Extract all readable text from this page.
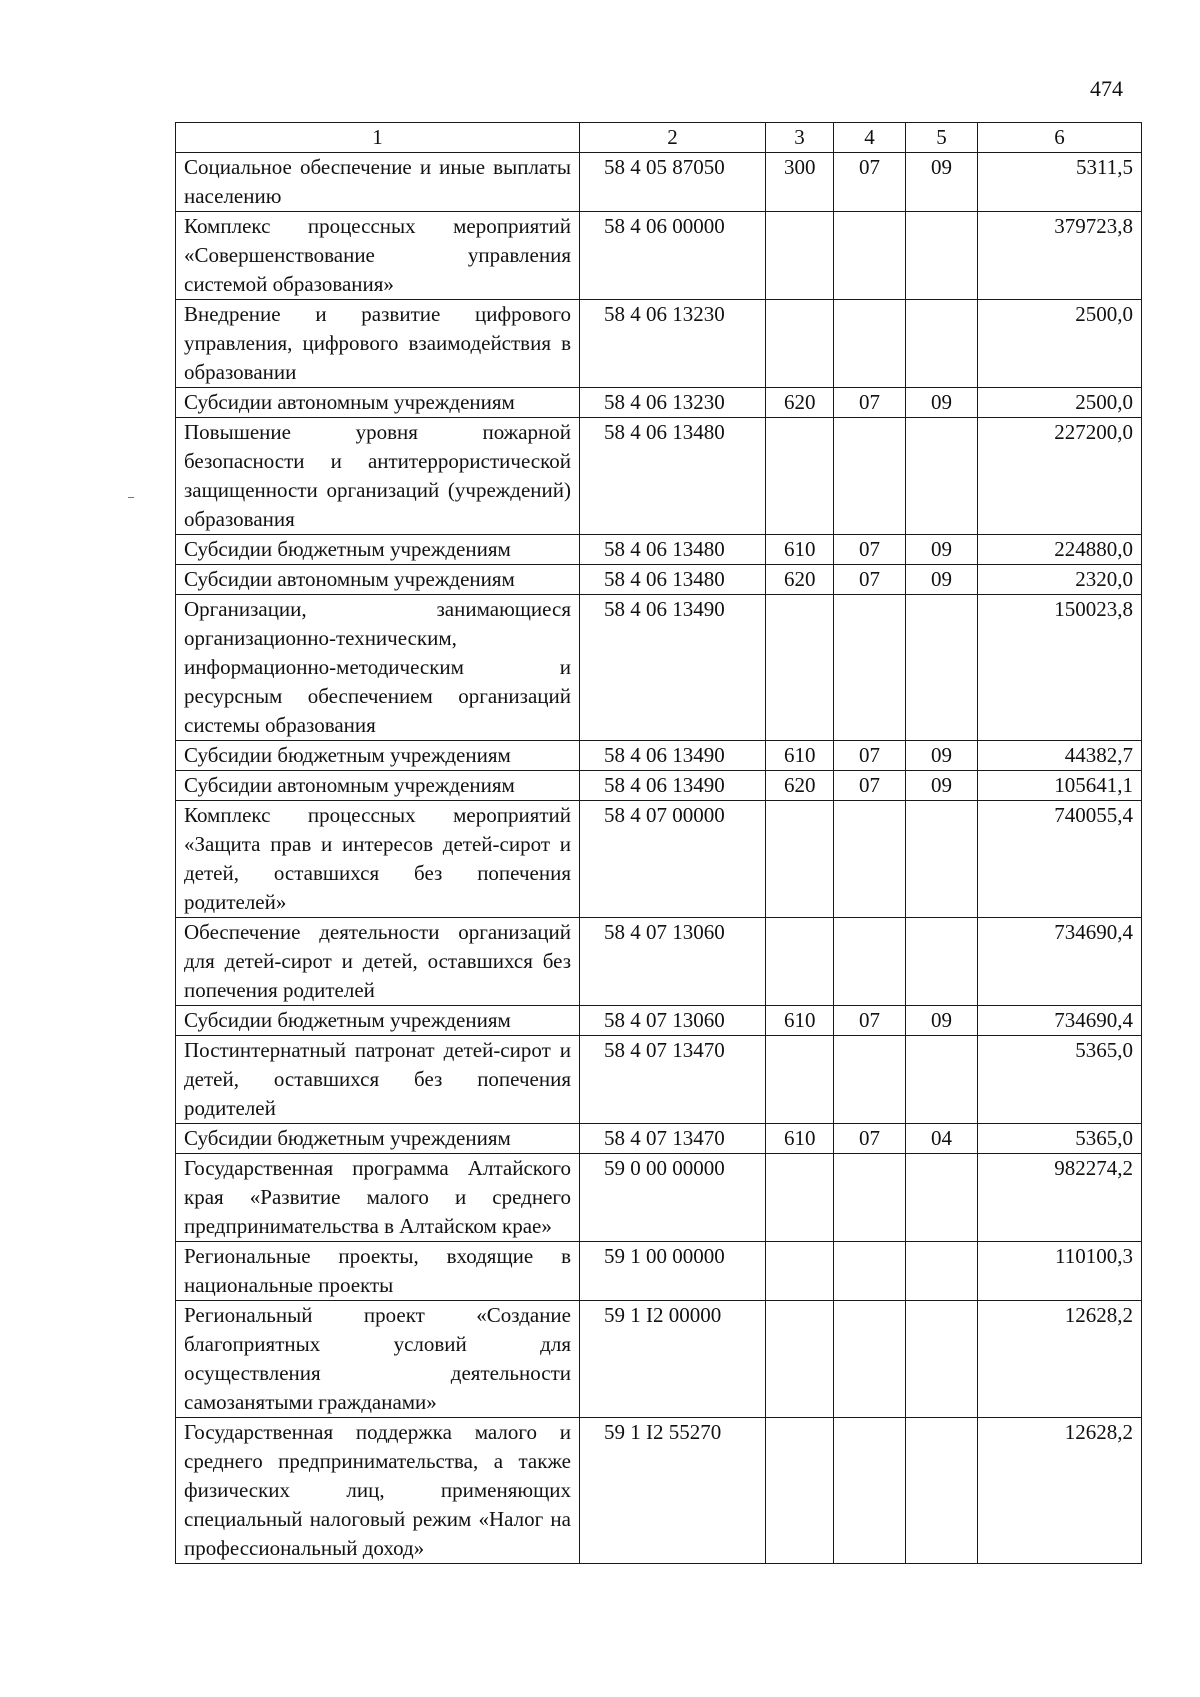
474
1	2	3	4	5	6
Социальное обеспечение и иные выплаты населению	58 4 05 87050	300	07	09	5311,5
Комплекс процессных мероприятий «Совершенствование управления системой образования»	58 4 06 00000				379723,8
Внедрение и развитие цифрового управления, цифрового взаимодействия в образовании	58 4 06 13230				2500,0
Субсидии автономным учреждениям	58 4 06 13230	620	07	09	2500,0
Повышение уровня пожарной безопасности и антитеррористической защищенности организаций (учреждений) образования	58 4 06 13480				227200,0
Субсидии бюджетным учреждениям	58 4 06 13480	610	07	09	224880,0
Субсидии автономным учреждениям	58 4 06 13480	620	07	09	2320,0
Организации, занимающиеся организационно-техническим, информационно-методическим и ресурсным обеспечением организаций системы образования	58 4 06 13490				150023,8
Субсидии бюджетным учреждениям	58 4 06 13490	610	07	09	44382,7
Субсидии автономным учреждениям	58 4 06 13490	620	07	09	105641,1
Комплекс процессных мероприятий «Защита прав и интересов детей-сирот и детей, оставшихся без попечения родителей»	58 4 07 00000				740055,4
Обеспечение деятельности организаций для детей-сирот и детей, оставшихся без попечения родителей	58 4 07 13060				734690,4
Субсидии бюджетным учреждениям	58 4 07 13060	610	07	09	734690,4
Постинтернатный патронат детей-сирот и детей, оставшихся без попечения родителей	58 4 07 13470				5365,0
Субсидии бюджетным учреждениям	58 4 07 13470	610	07	04	5365,0
Государственная программа Алтайского края «Развитие малого и среднего предпринимательства в Алтайском крае»	59 0 00 00000				982274,2
Региональные проекты, входящие в национальные проекты	59 1 00 00000				110100,3
Региональный проект «Создание благоприятных условий для осуществления деятельности самозанятыми гражданами»	59 1 I2 00000				12628,2
Государственная поддержка малого и среднего предпринимательства, а также физических лиц, применяющих специальный налоговый режим «Налог на профессиональный доход»	59 1 I2 55270				12628,2
